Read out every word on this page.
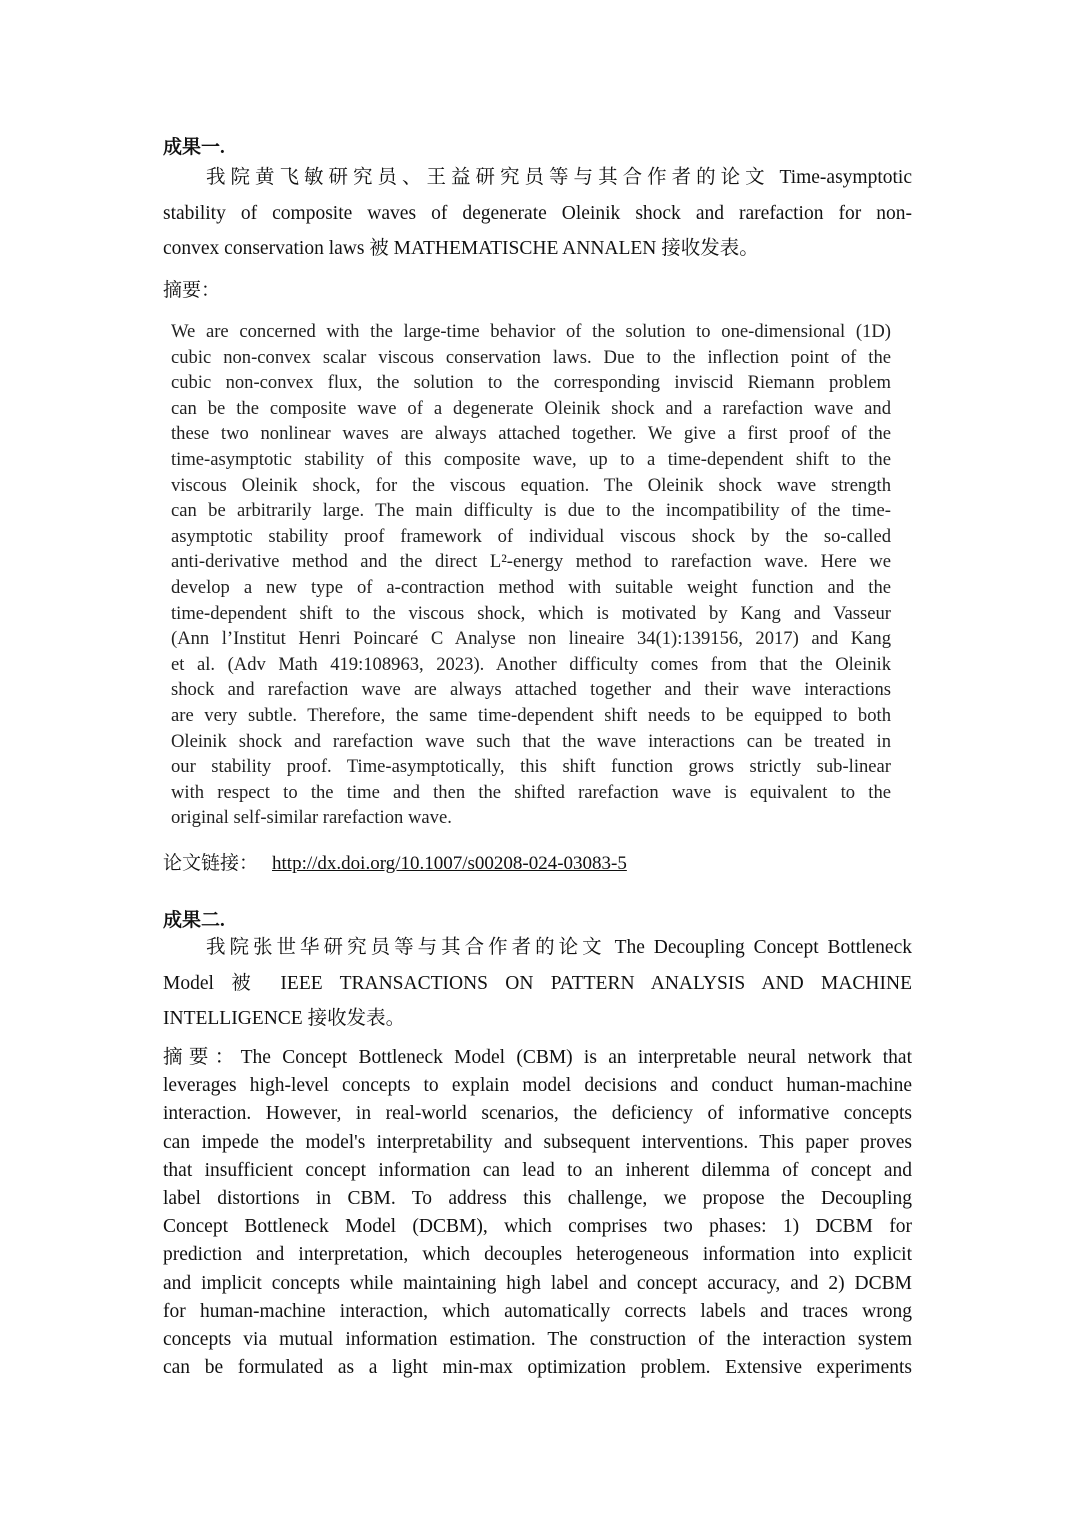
成果一.
我院黄飞敏研究员、王益研究员等与其合作者的论文 Time-asymptotic
stability of composite waves of degenerate Oleinik shock and rarefaction for non-
convex conservation laws 被 MATHEMATISCHE ANNALEN 接收发表。
摘要：
We are concerned with the large-time behavior of the solution to one-dimensional (1D)
cubic non-convex scalar viscous conservation laws. Due to the inflection point of the
cubic non-convex flux, the solution to the corresponding inviscid Riemann problem
can be the composite wave of a degenerate Oleinik shock and a rarefaction wave and
these two nonlinear waves are always attached together. We give a first proof of the
time-asymptotic stability of this composite wave, up to a time-dependent shift to the
viscous Oleinik shock, for the viscous equation. The Oleinik shock wave strength
can be arbitrarily large. The main difficulty is due to the incompatibility of the time-
asymptotic stability proof framework of individual viscous shock by the so-called
anti-derivative method and the direct L²-energy method to rarefaction wave. Here we
develop a new type of a-contraction method with suitable weight function and the
time-dependent shift to the viscous shock, which is motivated by Kang and Vasseur
(Ann l’Institut Henri Poincaré C Analyse non lineaire 34(1):139156, 2017) and Kang
et al. (Adv Math 419:108963, 2023). Another difficulty comes from that the Oleinik
shock and rarefaction wave are always attached together and their wave interactions
are very subtle. Therefore, the same time-dependent shift needs to be equipped to both
Oleinik shock and rarefaction wave such that the wave interactions can be treated in
our stability proof. Time-asymptotically, this shift function grows strictly sub-linear
with respect to the time and then the shifted rarefaction wave is equivalent to the
original self-similar rarefaction wave.
论文链接： http://dx.doi.org/10.1007/s00208-024-03083-5
成果二.
我院张世华研究员等与其合作者的论文 The Decoupling Concept Bottleneck
Model 被 IEEE TRANSACTIONS ON PATTERN ANALYSIS AND MACHINE
INTELLIGENCE 接收发表。
摘要：The Concept Bottleneck Model (CBM) is an interpretable neural network that
leverages high-level concepts to explain model decisions and conduct human-machine
interaction. However, in real-world scenarios, the deficiency of informative concepts
can impede the model's interpretability and subsequent interventions. This paper proves
that insufficient concept information can lead to an inherent dilemma of concept and
label distortions in CBM. To address this challenge, we propose the Decoupling
Concept Bottleneck Model (DCBM), which comprises two phases: 1) DCBM for
prediction and interpretation, which decouples heterogeneous information into explicit
and implicit concepts while maintaining high label and concept accuracy, and 2) DCBM
for human-machine interaction, which automatically corrects labels and traces wrong
concepts via mutual information estimation. The construction of the interaction system
can be formulated as a light min-max optimization problem. Extensive experiments
